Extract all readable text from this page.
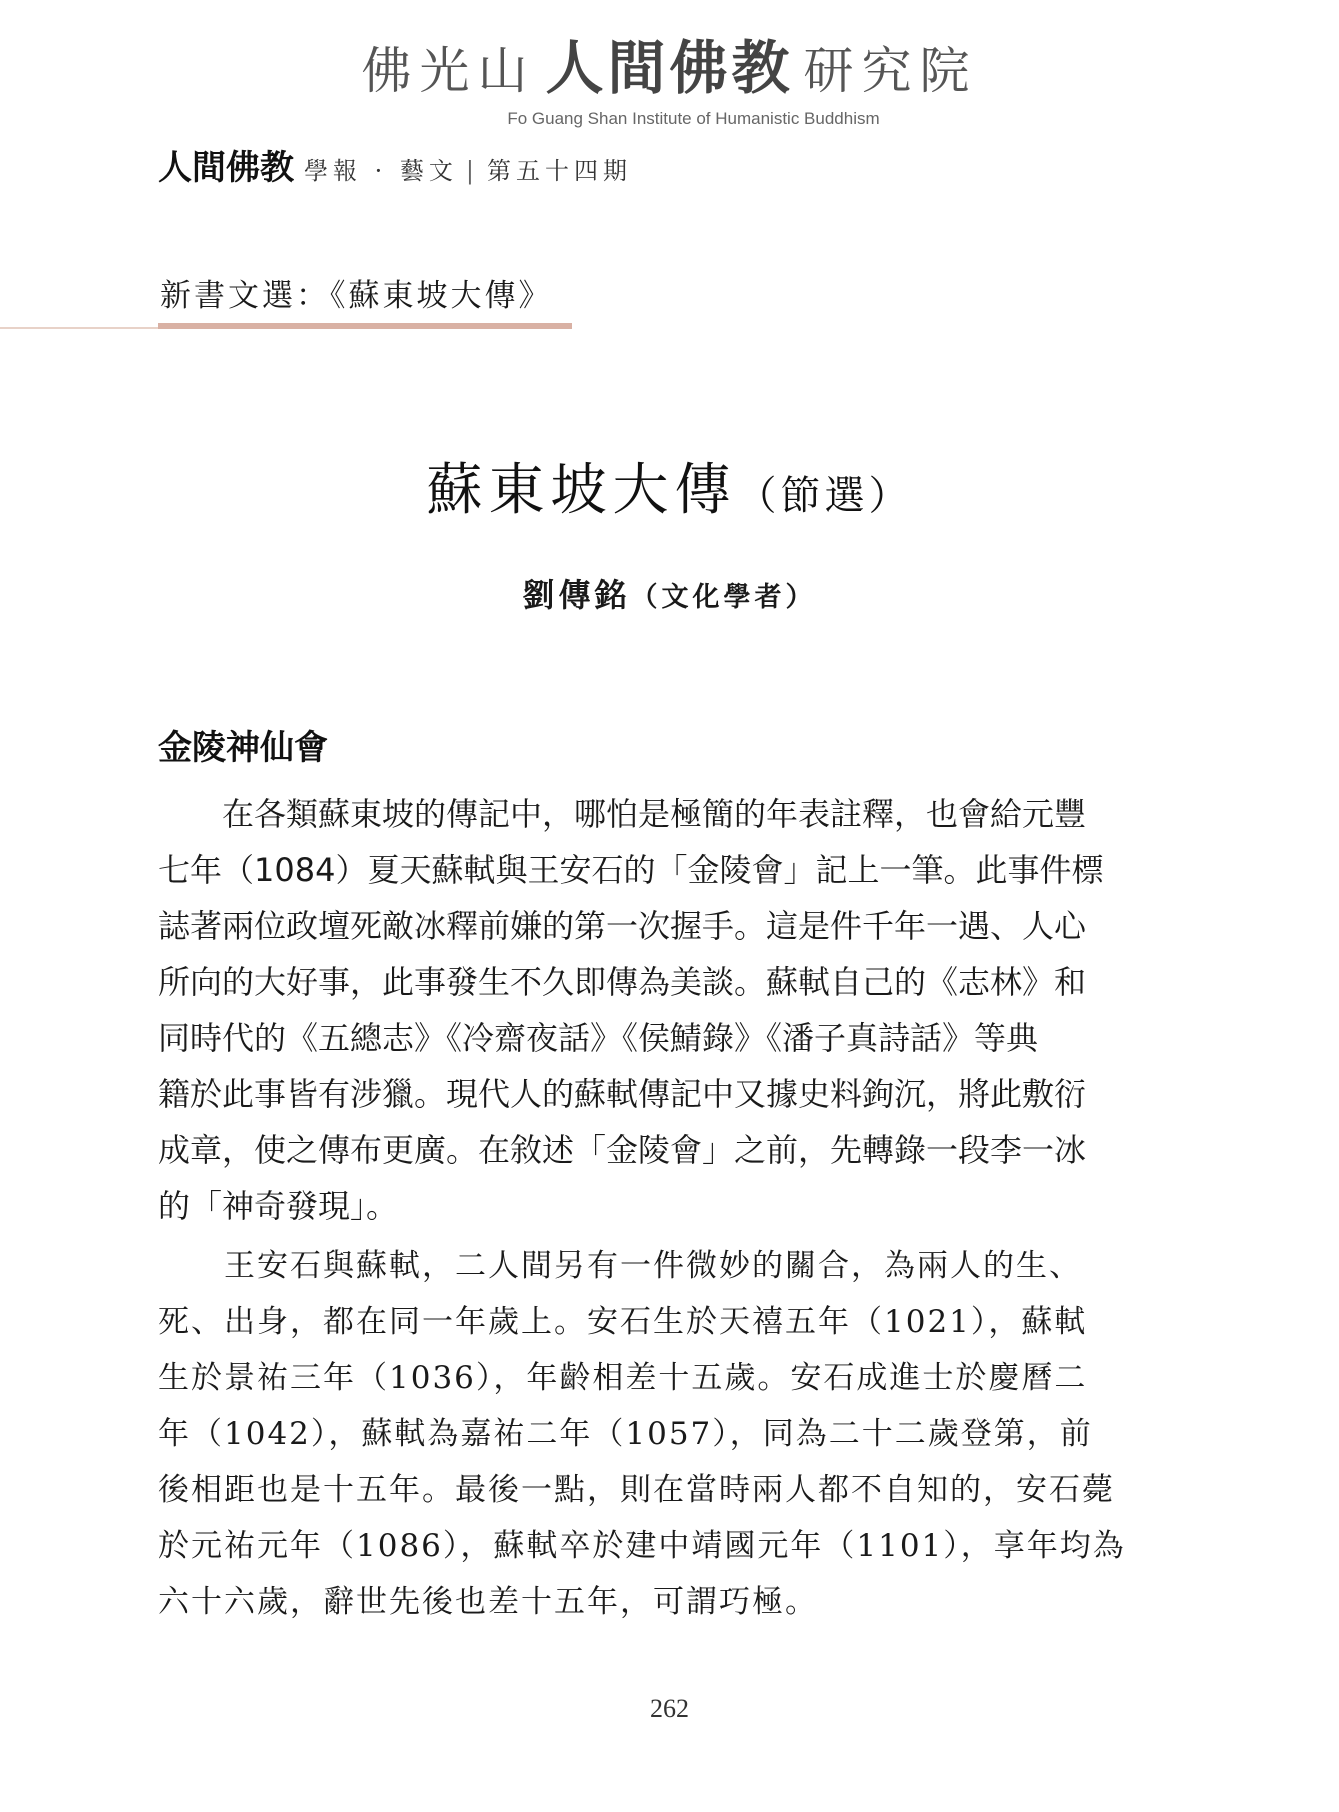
佛光山 人間佛教 研究院
Fo Guang Shan Institute of Humanistic Buddhism
人間佛教 學報 · 藝文 | 第五十四期
新書文選：《蘇東坡大傳》
蘇東坡大傳（節選）
劉傳銘（文化學者）
金陵神仙會
　　在各類蘇東坡的傳記中，哪怕是極簡的年表註釋，也會給元豐
七年（1084）夏天蘇軾與王安石的「金陵會」記上一筆。此事件標
誌著兩位政壇死敵冰釋前嫌的第一次握手。這是件千年一遇、人心
所向的大好事，此事發生不久即傳為美談。蘇軾自己的《志林》和
同時代的《五總志》《冷齋夜話》《侯鯖錄》《潘子真詩話》等典
籍於此事皆有涉獵。現代人的蘇軾傳記中又據史料鉤沉，將此敷衍
成章，使之傳布更廣。在敘述「金陵會」之前，先轉錄一段李一冰
的「神奇發現」。
　　王安石與蘇軾，二人間另有一件微妙的關合，為兩人的生、
死、出身，都在同一年歲上。安石生於天禧五年（1021），蘇軾
生於景祐三年（1036），年齡相差十五歲。安石成進士於慶曆二
年（1042），蘇軾為嘉祐二年（1057），同為二十二歲登第，前
後相距也是十五年。最後一點，則在當時兩人都不自知的，安石薨
於元祐元年（1086），蘇軾卒於建中靖國元年（1101），享年均為
六十六歲，辭世先後也差十五年，可謂巧極。
262
